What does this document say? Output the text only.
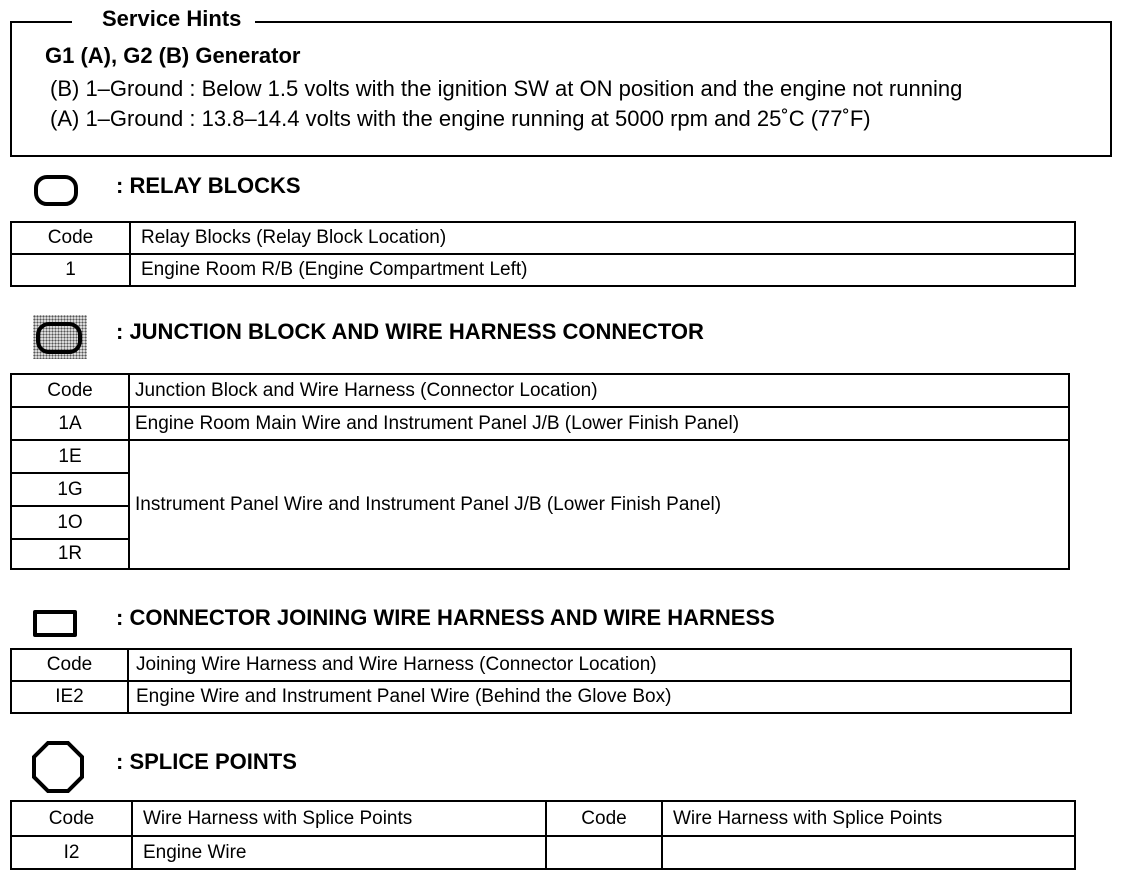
Service Hints
G1 (A), G2 (B) Generator
(B) 1–Ground : Below 1.5 volts with the ignition SW at ON position and the engine not running
(A) 1–Ground : 13.8–14.4 volts with the engine running at 5000 rpm and 25˚C (77˚F)
: RELAY BLOCKS
Code	Relay Blocks (Relay Block Location)
1	Engine Room R/B (Engine Compartment Left)
: JUNCTION BLOCK AND WIRE HARNESS CONNECTOR
Code	Junction Block and Wire Harness (Connector Location)
1A	Engine Room Main Wire and Instrument Panel J/B (Lower Finish Panel)
1E	Instrument Panel Wire and Instrument Panel J/B (Lower Finish Panel)
1G	
1O	
1R	
: CONNECTOR JOINING WIRE HARNESS AND WIRE HARNESS
Code	Joining Wire Harness and Wire Harness (Connector Location)
IE2	Engine Wire and Instrument Panel Wire (Behind the Glove Box)
: SPLICE POINTS
Code	Wire Harness with Splice Points	Code	Wire Harness with Splice Points
I2	Engine Wire		
